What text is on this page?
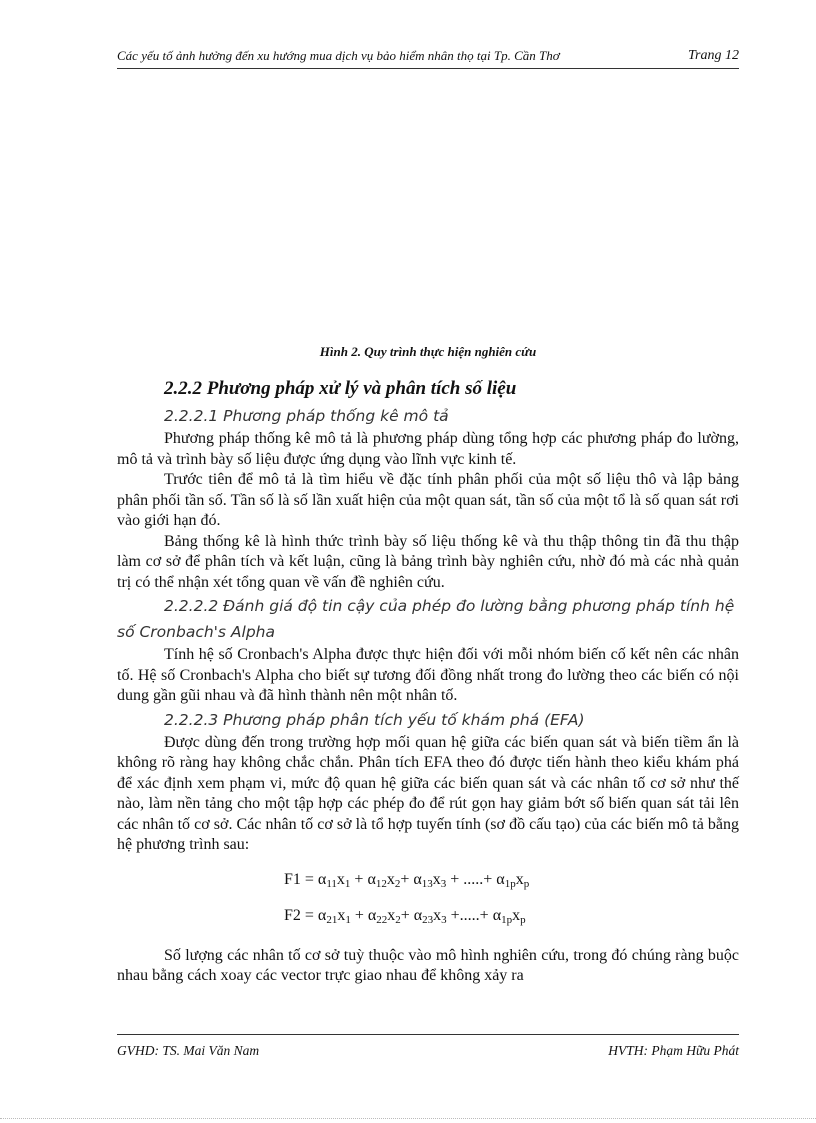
Các yếu tố ảnh hưởng đến xu hướng mua dịch vụ bảo hiểm nhân thọ tại Tp. Cần Thơ	Trang 12
Hình 2. Quy trình thực hiện nghiên cứu
2.2.2 Phương pháp xử lý và phân tích số liệu
2.2.2.1 Phương pháp thống kê mô tả

Phương pháp thống kê mô tả là phương pháp dùng tổng hợp các phương pháp đo lường, mô tả và trình bày số liệu được ứng dụng vào lĩnh vực kinh tế.

Trước tiên để mô tả là tìm hiểu về đặc tính phân phối của một số liệu thô và lập bảng phân phối tần số. Tần số là số lần xuất hiện của một quan sát, tần số của một tổ là số quan sát rơi vào giới hạn đó.

Bảng thống kê là hình thức trình bày số liệu thống kê và thu thập thông tin đã thu thập làm cơ sở để phân tích và kết luận, cũng là bảng trình bày nghiên cứu, nhờ đó mà các nhà quản trị có thể nhận xét tổng quan về vấn đề nghiên cứu.

2.2.2.2 Đánh giá độ tin cậy của phép đo lường bằng phương pháp tính hệ số Cronbach's Alpha

Tính hệ số Cronbach's Alpha được thực hiện đối với mỗi nhóm biến cố kết nên các nhân tố. Hệ số Cronbach's Alpha cho biết sự tương đối đồng nhất trong đo lường theo các biến có nội dung gần gũi nhau và đã hình thành nên một nhân tố.

2.2.2.3 Phương pháp phân tích yếu tố khám phá (EFA)

Được dùng đến trong trường hợp mối quan hệ giữa các biến quan sát và biến tiềm ẩn là không rõ ràng hay không chắc chắn. Phân tích EFA theo đó được tiến hành theo kiểu khám phá để xác định xem phạm vi, mức độ quan hệ giữa các biến quan sát và các nhân tố cơ sở như thế nào, làm nền tảng cho một tập hợp các phép đo để rút gọn hay giảm bớt số biến quan sát tải lên các nhân tố cơ sở. Các nhân tố cơ sở là tổ hợp tuyến tính (sơ đồ cấu tạo) của các biến mô tả bằng hệ phương trình sau:

$F1 = \alpha_{11}x_1 + \alpha_{12}x_2+ \alpha_{13}x_3$ + .....+ $\alpha_{1p}x_p$
$F2 = \alpha_{21}x_1 + \alpha_{22}x_2+ \alpha_{23}x_3$ +.....+ $\alpha_{1p}x_p$

Số lượng các nhân tố cơ sở tuỳ thuộc vào mô hình nghiên cứu, trong đó chúng ràng buộc nhau bằng cách xoay các vector trực giao nhau để không xảy ra

GVHD: TS. Mai Văn Nam	HVTH: Phạm Hữu Phát
